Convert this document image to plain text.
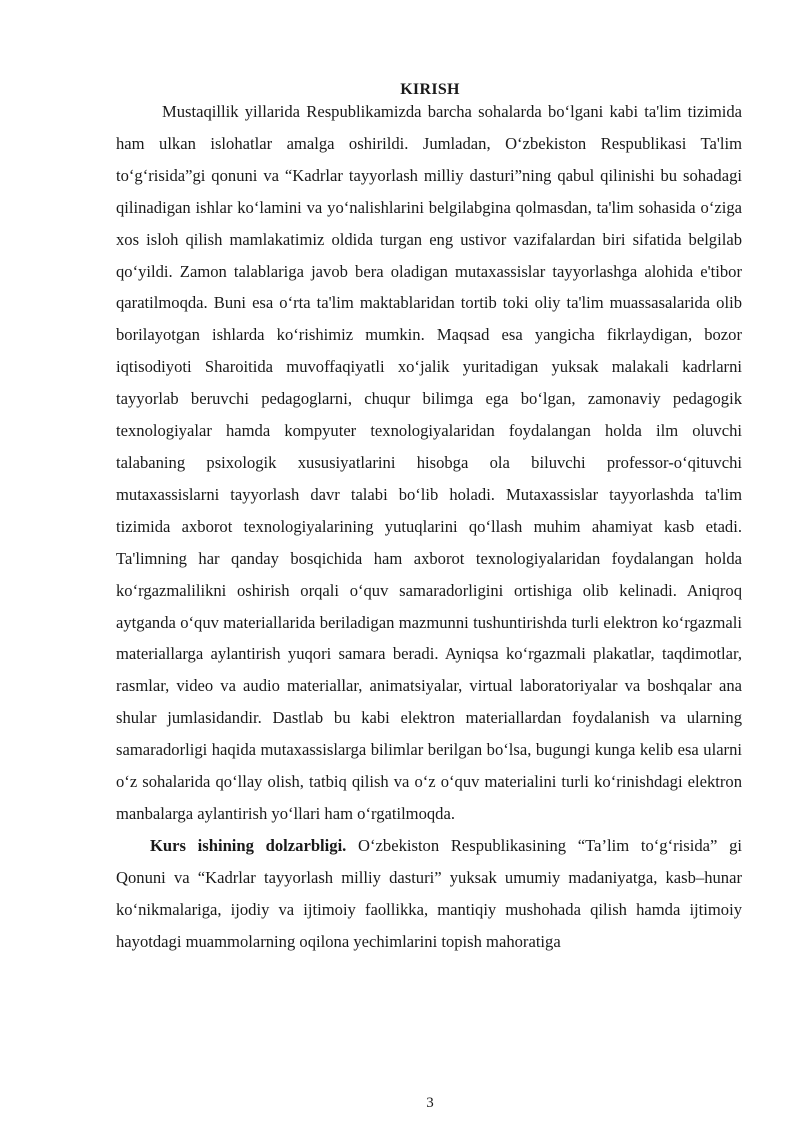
KIRISH

Mustaqillik yillarida Respublikamizda barcha sohalarda bo‘lgani kabi ta'lim tizimida ham ulkan islohatlar amalga oshirildi. Jumladan, O‘zbekiston Respublikasi Ta'lim to‘g‘risida”gi qonuni va “Kadrlar tayyorlash milliy dasturi”ning qabul qilinishi bu sohadagi qilinadigan ishlar ko‘lamini va yo‘nalishlarini belgilabgina qolmasdan, ta'lim sohasida o‘ziga xos isloh qilish mamlakatimiz oldida turgan eng ustivor vazifalardan biri sifatida belgilab qo‘yildi. Zamon talablariga javob bera oladigan mutaxassislar tayyorlashga alohida e'tibor qaratilmoqda. Buni esa o‘rta ta'lim maktablaridan tortib toki oliy ta'lim muassasalarida olib borilayotgan ishlarda ko‘rishimiz mumkin. Maqsad esa yangicha fikrlaydigan, bozor iqtisodiyoti Sharoitida muvoffaqiyatli xo‘jalik yuritadigan yuksak malakali kadrlarni tayyorlab beruvchi pedagoglarni, chuqur bilimga ega bo‘lgan, zamonaviy pedagogik texnologiyalar hamda kompyuter texnologiyalaridan foydalangan holda ilm oluvchi talabaning psixologik xususiyatlarini hisobga ola biluvchi professor-o‘qituvchi mutaxassislarni tayyorlash davr talabi bo‘lib holadi. Mutaxassislar tayyorlashda ta'lim tizimida axborot texnologiyalarining yutuqlarini qo‘llash muhim ahamiyat kasb etadi. Ta'limning har qanday bosqichida ham axborot texnologiyalaridan foydalangan holda ko‘rgazmalilikni oshirish orqali o‘quv samaradorligini ortishiga olib kelinadi. Aniqroq aytganda o‘quv materiallarida beriladigan mazmunni tushuntirishda turli elektron ko‘rgazmali materiallarga aylantirish yuqori samara beradi. Ayniqsa ko‘rgazmali plakatlar, taqdimotlar, rasmlar, video va audio materiallar, animatsiyalar, virtual laboratoriyalar va boshqalar ana shular jumlasidandir. Dastlab bu kabi elektron materiallardan foydalanish va ularning samaradorligi haqida mutaxassislarga bilimlar berilgan bo‘lsa, bugungi kunga kelib esa ularni o‘z sohalarida qo‘llay olish, tatbiq qilish va o‘z o‘quv materialini turli ko‘rinishdagi elektron manbalarga aylantirish yo‘llari ham o‘rgatilmoqda.

Kurs ishining dolzarbligi. O‘zbekiston Respublikasining “Ta’lim to‘g‘risida” gi Qonuni va “Kadrlar tayyorlash milliy dasturi” yuksak umumiy madaniyatga, kasb–hunar ko‘nikmalariga, ijodiy va ijtimoiy faollikka, mantiqiy mushohada qilish hamda ijtimoiy hayotdagi muammolarning oqilona yechimlarini topish mahoratiga

3
